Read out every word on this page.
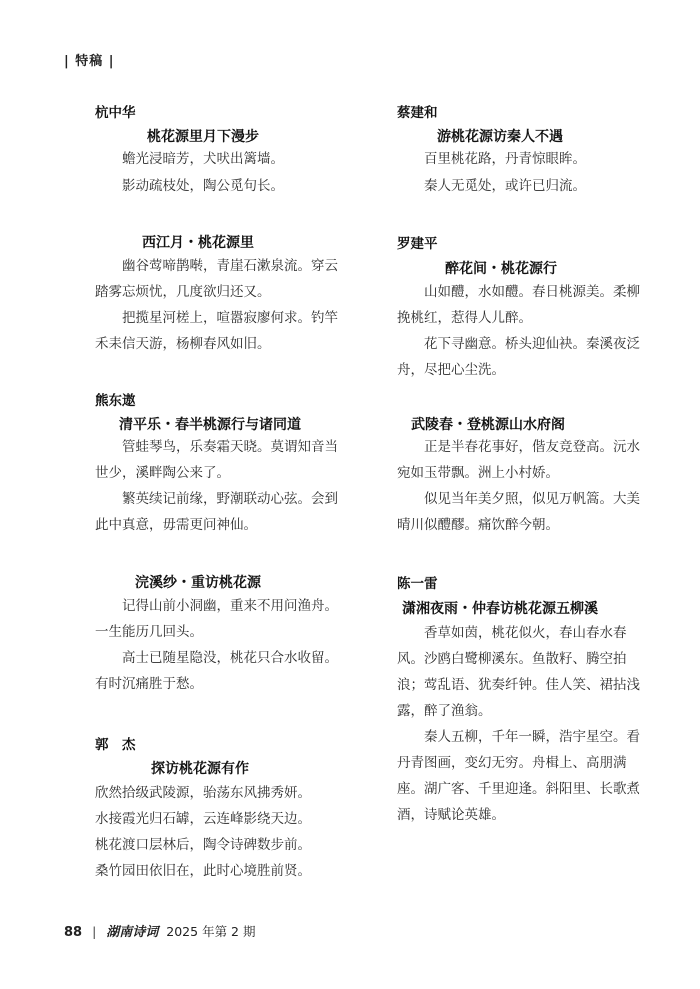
| 特稿 |
杭中华
桃花源里月下漫步

蟾光浸暗芳，犬吠出篱墙。

影动疏枝处，陶公觅句长。

西江月・桃花源里

幽谷莺啼鹊啭，青崖石漱泉流。穿云踏雾忘烦忧，几度欲归还又。

把揽星河槎上，喧嚣寂廖何求。钓竿禾耒信天游，杨柳春风如旧。

熊东遨
清平乐・春半桃源行与诸同道

管蛙琴鸟，乐奏霜天晓。莫谓知音当世少，溪畔陶公来了。

繁英续记前缘，野潮联动心弦。会到此中真意，毋需更问神仙。

浣溪纱・重访桃花源

记得山前小洞幽，重来不用问渔舟。一生能历几回头。

高士已随星隐没，桃花只合水收留。有时沉痛胜于愁。

郭　杰
探访桃花源有作

欣然拾级武陵源，骀荡东风拂秀妍。

水接霞光归石罅，云连峰影绕天边。

桃花渡口层林后，陶令诗碑数步前。

桑竹园田依旧在，此时心境胜前贤。

蔡建和
游桃花源访秦人不遇

百里桃花路，丹青惊眼眸。

秦人无觅处，或许已归流。

罗建平
醉花间・桃花源行

山如醴，水如醴。春日桃源美。柔柳挽桃红，惹得人儿醉。

花下寻幽意。桥头迎仙袂。秦溪夜泛舟，尽把心尘洗。

武陵春・登桃源山水府阁

正是半春花事好，偕友竞登高。沅水宛如玉带飘。洲上小村娇。

似见当年美夕照，似见万帆篙。大美晴川似醴醪。痛饮醉今朝。

陈一雷
潇湘夜雨・仲春访桃花源五柳溪

香草如茵，桃花似火，春山春水春风。沙鸥白鹭柳溪东。鱼散籽、腾空拍浪；莺乱语、犹奏纤钟。佳人笑、裙拈浅露，醉了渔翁。

秦人五柳，千年一瞬，浩宇星空。看丹青图画，变幻无穷。舟楫上、高朋满座。湖广客、千里迎逢。斜阳里、长歌煮酒，诗赋论英雄。

88 | 湖南诗词 2025 年第 2 期
